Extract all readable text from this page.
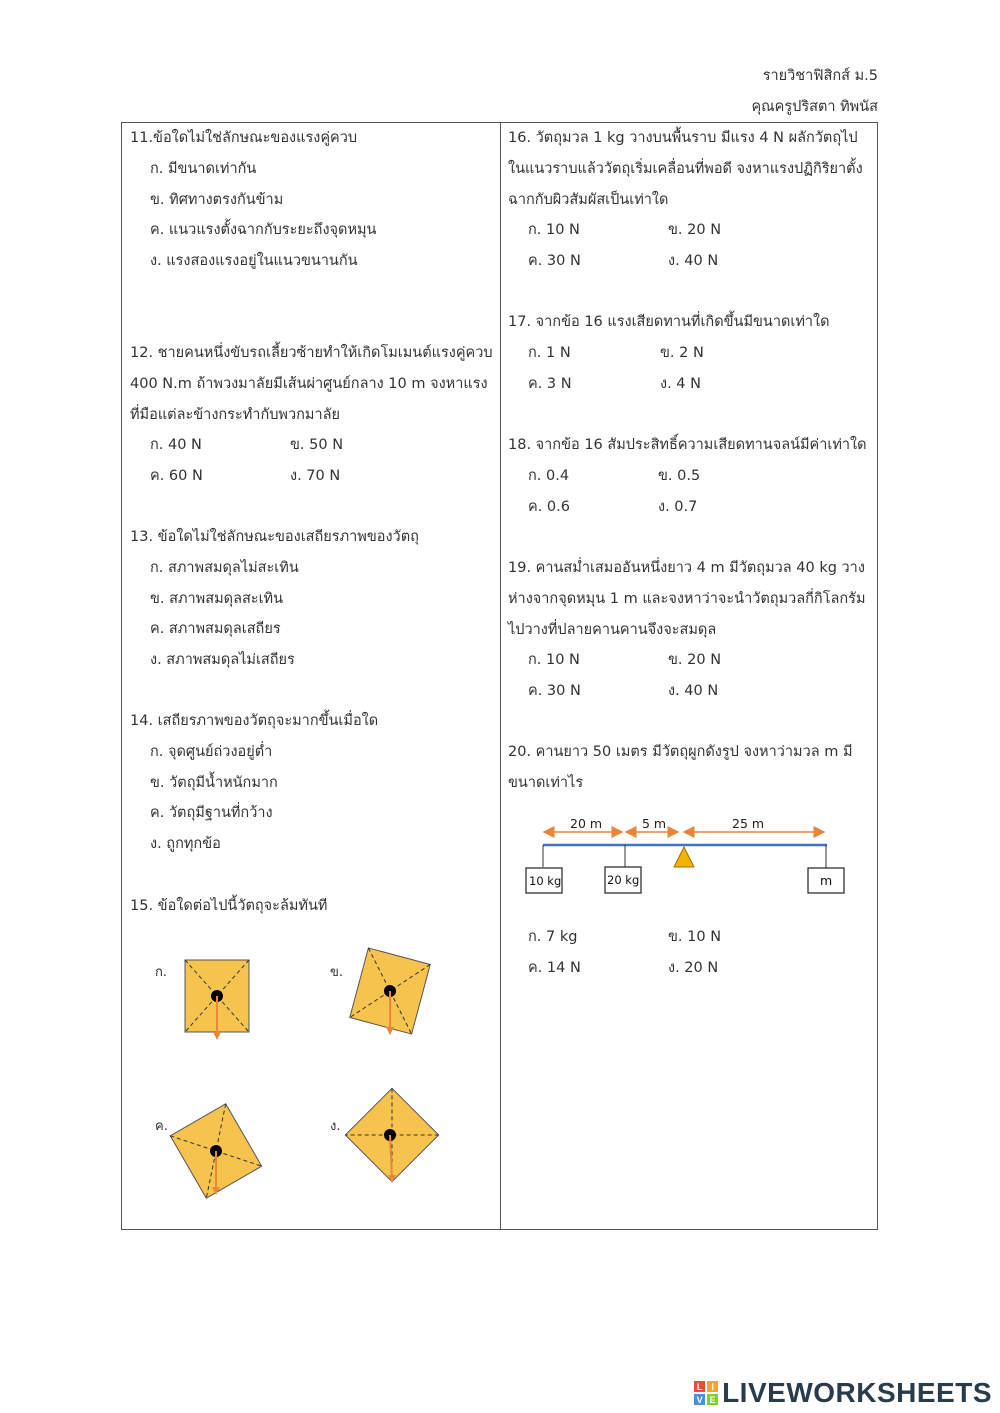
รายวิชาฟิสิกส์ ม.5
คุณครูปริสตา ทิพนัส
11.ข้อใดไม่ใช่ลักษณะของแรงคู่ควบ
ก. มีขนาดเท่ากัน
ข. ทิศทางตรงกันข้าม
ค. แนวแรงตั้งฉากกับระยะถึงจุดหมุน
ง. แรงสองแรงอยู่ในแนวขนานกัน
12. ชายคนหนึ่งขับรถเลี้ยวซ้ายทำให้เกิดโมเมนต์แรงคู่ควบ
400 N.m ถ้าพวงมาลัยมีเส้นผ่าศูนย์กลาง 10 m จงหาแรง
ที่มือแต่ละข้างกระทำกับพวกมาลัย
ก. 40 N	ข. 50 N
ค. 60 N	ง. 70 N
13. ข้อใดไม่ใช่ลักษณะของเสถียรภาพของวัตถุ
ก. สภาพสมดุลไม่สะเทิน
ข. สภาพสมดุลสะเทิน
ค. สภาพสมดุลเสถียร
ง. สภาพสมดุลไม่เสถียร
14. เสถียรภาพของวัตถุจะมากขึ้นเมื่อใด
ก. จุดศูนย์ถ่วงอยู่ต่ำ
ข. วัตถุมีน้ำหนักมาก
ค. วัตถุมีฐานที่กว้าง
ง. ถูกทุกข้อ
15. ข้อใดต่อไปนี้วัตถุจะล้มทันที
ก.	ข.
ค.	ง.
16. วัตถุมวล 1 kg วางบนพื้นราบ มีแรง 4 N ผลักวัตถุไป
ในแนวราบแล้ววัตถุเริ่มเคลื่อนที่พอดี จงหาแรงปฏิกิริยาตั้ง
ฉากกับผิวสัมผัสเป็นเท่าใด
ก. 10 N	ข. 20 N
ค. 30 N	ง. 40 N
17. จากข้อ 16 แรงเสียดทานที่เกิดขึ้นมีขนาดเท่าใด
ก. 1 N	ข. 2 N
ค. 3 N	ง. 4 N
18. จากข้อ 16 สัมประสิทธิ์ความเสียดทานจลน์มีค่าเท่าใด
ก. 0.4	ข. 0.5
ค. 0.6	ง. 0.7
19. คานสม่ำเสมออันหนึ่งยาว 4 m มีวัตถุมวล 40 kg วาง
ห่างจากจุดหมุน 1 m และจงหาว่าจะนำวัตถุมวลกี่กิโลกรัม
ไปวางที่ปลายคานคานจึงจะสมดุล
ก. 10 N	ข. 20 N
ค. 30 N	ง. 40 N
20. คานยาว 50 เมตร มีวัตถุผูกดังรูป จงหาว่ามวล m มี
ขนาดเท่าไร
20 m	5 m	25 m
10 kg	20 kg	m
ก. 7 kg	ข. 10 N
ค. 14 N	ง. 20 N
L I
V E LIVEWORKSHEETS
